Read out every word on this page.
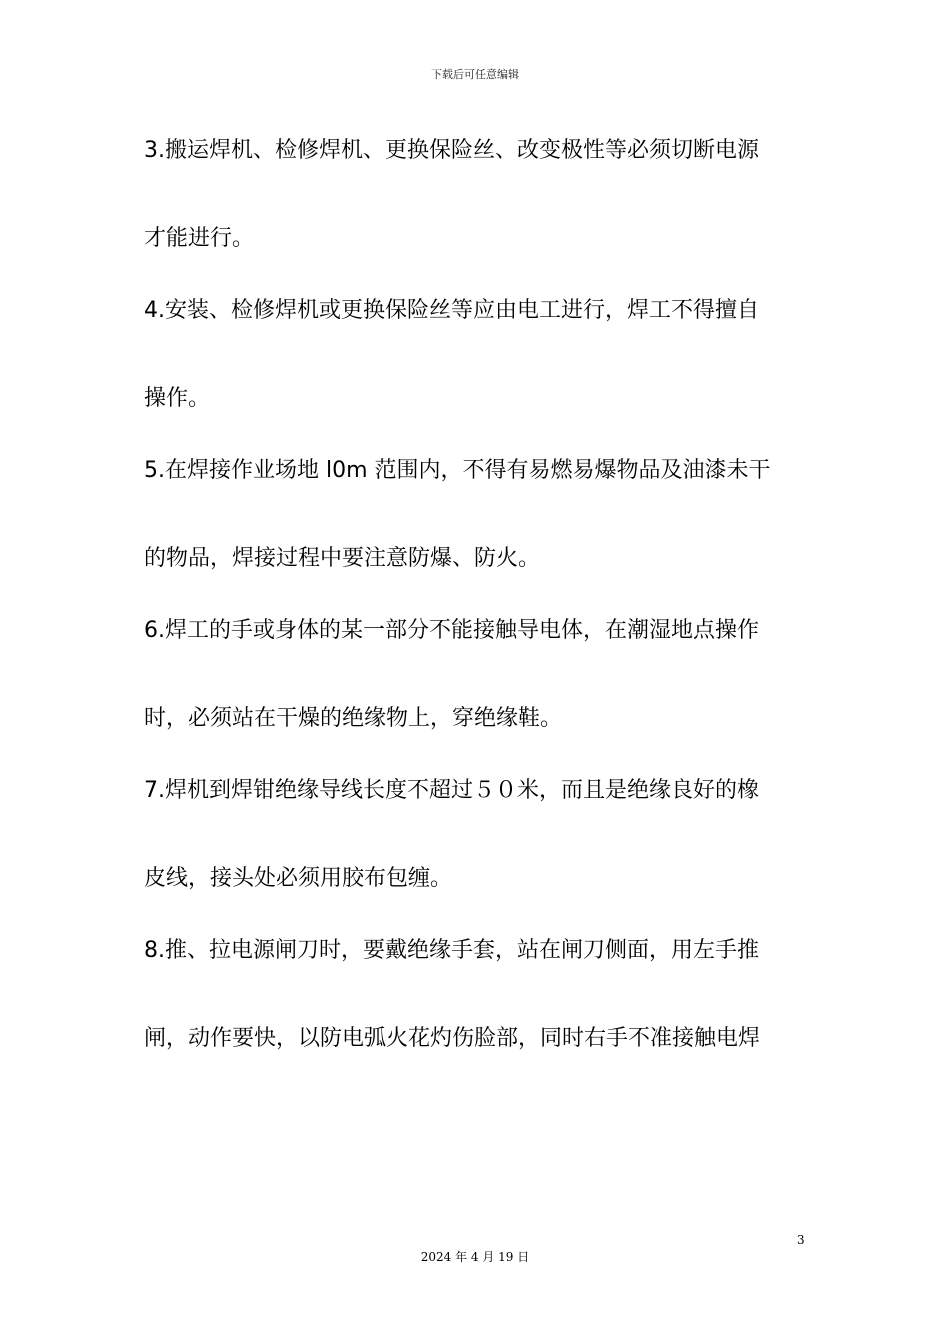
下载后可任意编辑
3.搬运焊机、检修焊机、更换保险丝、改变极性等必须切断电源
才能进行。
4.安装、检修焊机或更换保险丝等应由电工进行，焊工不得擅自
操作。
5.在焊接作业场地 l0m 范围内，不得有易燃易爆物品及油漆未干
的物品，焊接过程中要注意防爆、防火。
6.焊工的手或身体的某一部分不能接触导电体，在潮湿地点操作
时，必须站在干燥的绝缘物上，穿绝缘鞋。
7.焊机到焊钳绝缘导线长度不超过５０米，而且是绝缘良好的橡
皮线，接头处必须用胶布包缠。
8.推、拉电源闸刀时，要戴绝缘手套，站在闸刀侧面，用左手推
闸，动作要快，以防电弧火花灼伤脸部，同时右手不准接触电焊
3
2024 年 4 月 19 日
